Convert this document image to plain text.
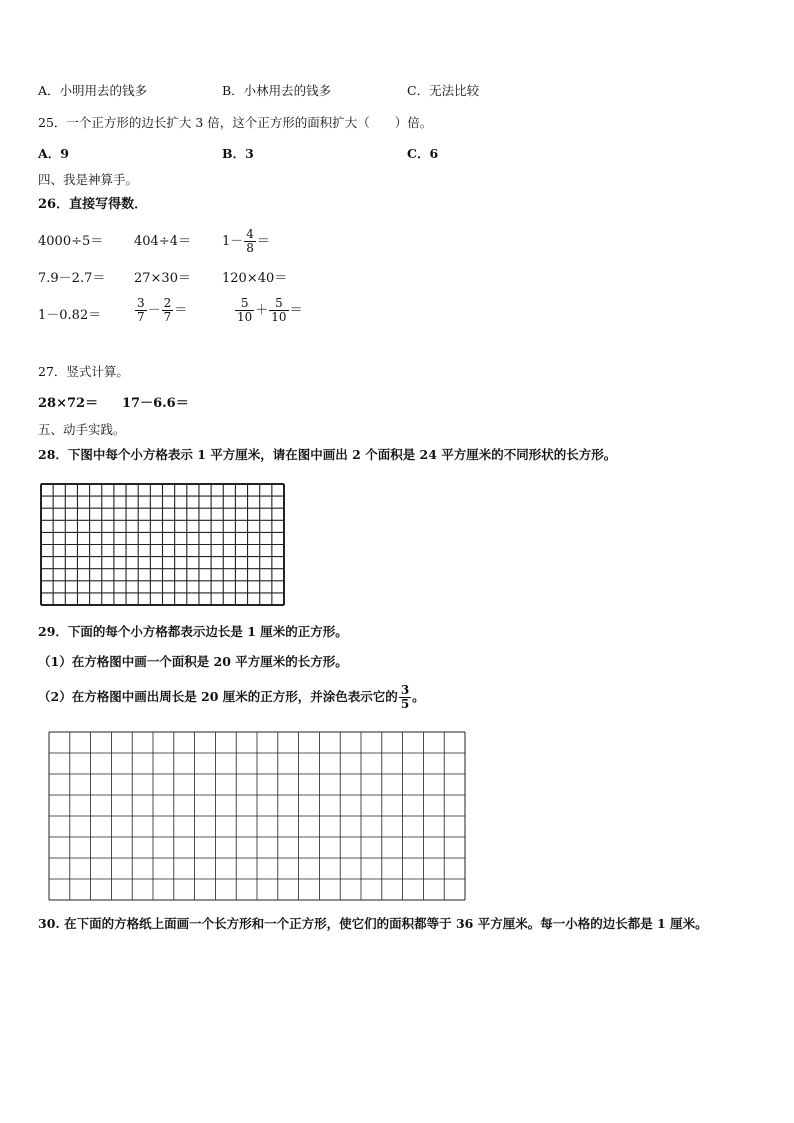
A．小明用去的钱多	B．小林用去的钱多	C．无法比较
25．一个正方形的边长扩大 3 倍，这个正方形的面积扩大（　　）倍。
A．9	B．3	C．6
四、我是神算手。
26．直接写得数．
$4000\div 5= 404\div 4= 1- \frac{4}{8}$ ＝
7.9－2.7＝ 27×30＝ 120×40＝
1－0.82＝	$\frac{3}{7} - \frac{2}{7}$ ＝	$\frac{5}{10} + \frac{5}{10}$ ＝
27．竖式计算。
28×72＝ 17－6.6＝
五、动手实践。
28．下图中每个小方格表示 1 平方厘米，请在图中画出 2 个面积是 24 平方厘米的不同形状的长方形。
29．下面的每个小方格都表示边长是 1 厘米的正方形。
（1）在方格图中画一个面积是 20 平方厘米的长方形。
（2）在方格图中画出周长是 20 厘米的正方形，并涂色表示它的 $\frac{3}{5}$ 。
30. 在下面的方格纸上面画一个长方形和一个正方形，使它们的面积都等于 36 平方厘米。每一小格的边长都是 1 厘米。
